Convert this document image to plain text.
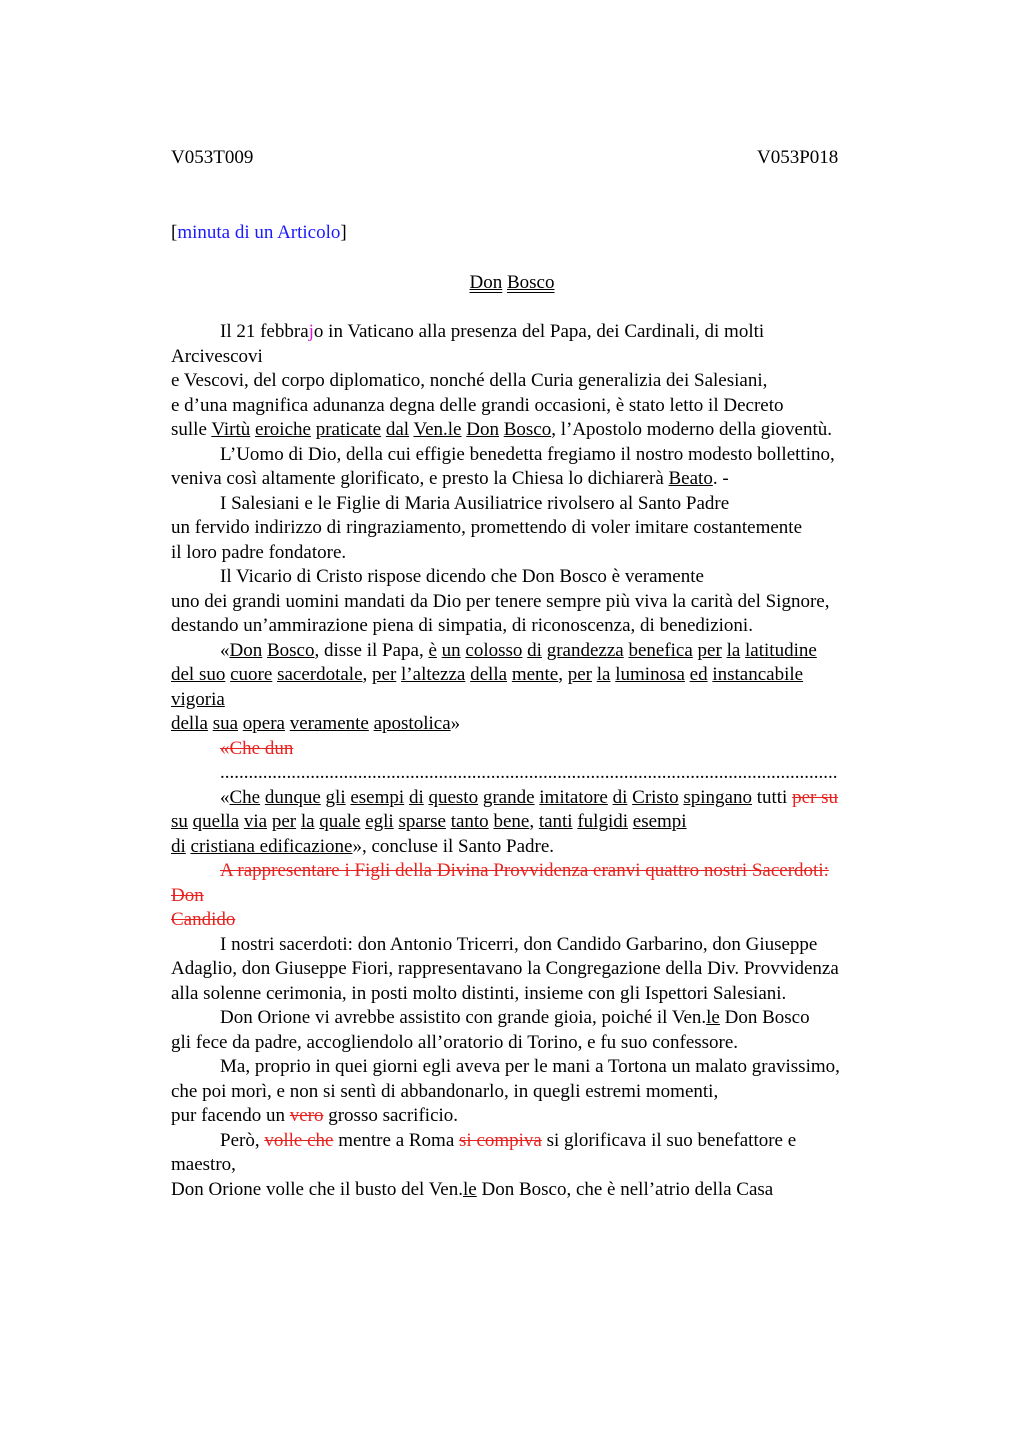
V053T009	V053P018
[minuta di un Articolo]
Don Bosco
Il 21 febbrajo in Vaticano alla presenza del Papa, dei Cardinali, di molti
Arcivescovi
e Vescovi, del corpo diplomatico, nonché della Curia generalizia dei Salesiani,
e d’una magnifica adunanza degna delle grandi occasioni, è stato letto il Decreto
sulle Virtù eroiche praticate dal Ven.le Don Bosco, l’Apostolo moderno della gioventù.
L’Uomo di Dio, della cui effigie benedetta fregiamo il nostro modesto bollettino,
veniva così altamente glorificato, e presto la Chiesa lo dichiarerà Beato. -
I Salesiani e le Figlie di Maria Ausiliatrice rivolsero al Santo Padre
un fervido indirizzo di ringraziamento, promettendo di voler imitare costantemente
il loro padre fondatore.
Il Vicario di Cristo rispose dicendo che Don Bosco è veramente
uno dei grandi uomini mandati da Dio per tenere sempre più viva la carità del Signore,
destando un’ammirazione piena di simpatia, di riconoscenza, di benedizioni.
«Don Bosco, disse il Papa, è un colosso di grandezza benefica per la latitudine
del suo cuore sacerdotale, per l’altezza della mente, per la luminosa ed instancabile
vigoria
della sua opera veramente apostolica»
«Che dun
..................................................................................................................................
«Che dunque gli esempi di questo grande imitatore di Cristo spingano tutti per su
su quella via per la quale egli sparse tanto bene, tanti fulgidi esempi
di cristiana edificazione», concluse il Santo Padre.
A rappresentare i Figli della Divina Provvidenza eranvi quattro nostri Sacerdoti:
Don
Candido
I nostri sacerdoti: don Antonio Tricerri, don Candido Garbarino, don Giuseppe
Adaglio, don Giuseppe Fiori, rappresentavano la Congregazione della Div. Provvidenza
alla solenne cerimonia, in posti molto distinti, insieme con gli Ispettori Salesiani.
Don Orione vi avrebbe assistito con grande gioia, poiché il Ven.le Don Bosco
gli fece da padre, accogliendolo all’oratorio di Torino, e fu suo confessore.
Ma, proprio in quei giorni egli aveva per le mani a Tortona un malato gravissimo,
che poi morì, e non si sentì di abbandonarlo, in quegli estremi momenti,
pur facendo un vero grosso sacrificio.
Però, volle che mentre a Roma si compiva si glorificava il suo benefattore e
maestro,
Don Orione volle che il busto del Ven.le Don Bosco, che è nell’atrio della Casa
